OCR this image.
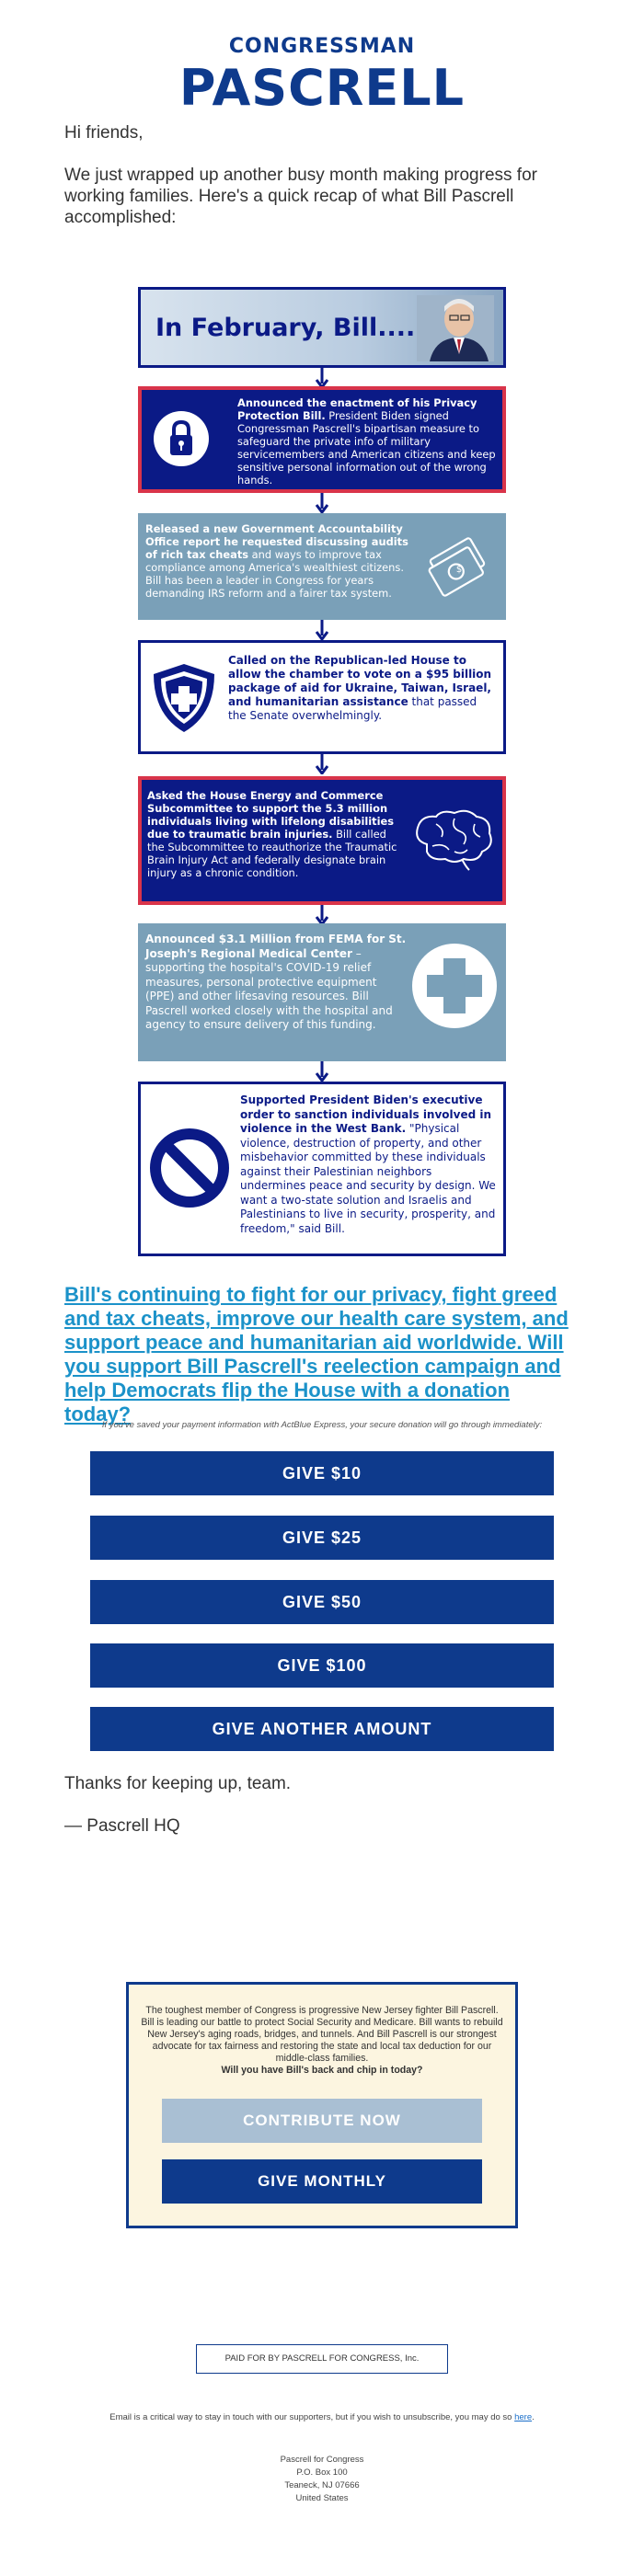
CONGRESSMAN
PASCRELL
Hi friends,
We just wrapped up another busy month making progress for working families. Here's a quick recap of what Bill Pascrell accomplished:
In February, Bill....
Announced the enactment of his Privacy Protection Bill. President Biden signed Congressman Pascrell's bipartisan measure to safeguard the private info of military servicemembers and American citizens and keep sensitive personal information out of the wrong hands.
Released a new Government Accountability Office report he requested discussing audits of rich tax cheats and ways to improve tax compliance among America's wealthiest citizens. Bill has been a leader in Congress for years demanding IRS reform and a fairer tax system.
$
Called on the Republican-led House to allow the chamber to vote on a $95 billion package of aid for Ukraine, Taiwan, Israel, and humanitarian assistance that passed the Senate overwhelmingly.
Asked the House Energy and Commerce Subcommittee to support the 5.3 million individuals living with lifelong disabilities due to traumatic brain injuries. Bill called the Subcommittee to reauthorize the Traumatic Brain Injury Act and federally designate brain injury as a chronic condition.
Announced $3.1 Million from FEMA for St. Joseph's Regional Medical Center – supporting the hospital's COVID-19 relief measures, personal protective equipment (PPE) and other lifesaving resources. Bill Pascrell worked closely with the hospital and agency to ensure delivery of this funding.
Supported President Biden's executive order to sanction individuals involved in violence in the West Bank. "Physical violence, destruction of property, and other misbehavior committed by these individuals against their Palestinian neighbors undermines peace and security by design. We want a two-state solution and Israelis and Palestinians to live in security, prosperity, and freedom," said Bill.
Bill's continuing to fight for our privacy, fight greed and tax cheats, improve our health care system, and support peace and humanitarian aid worldwide. Will you support Bill Pascrell's reelection campaign and help Democrats flip the House with a donation today?
If you've saved your payment information with ActBlue Express, your secure donation will go through immediately:
GIVE $10
GIVE $25
GIVE $50
GIVE $100
GIVE ANOTHER AMOUNT
Thanks for keeping up, team.
— Pascrell HQ
The toughest member of Congress is progressive New Jersey fighter Bill Pascrell. Bill is leading our battle to protect Social Security and Medicare. Bill wants to rebuild New Jersey's aging roads, bridges, and tunnels. And Bill Pascrell is our strongest advocate for tax fairness and restoring the state and local tax deduction for our middle-class families.
Will you have Bill's back and chip in today?
CONTRIBUTE NOW
GIVE MONTHLY
PAID FOR BY PASCRELL FOR CONGRESS, Inc.
Email is a critical way to stay in touch with our supporters, but if you wish to unsubscribe, you may do so here.
Pascrell for Congress
P.O. Box 100
Teaneck, NJ 07666
United States
